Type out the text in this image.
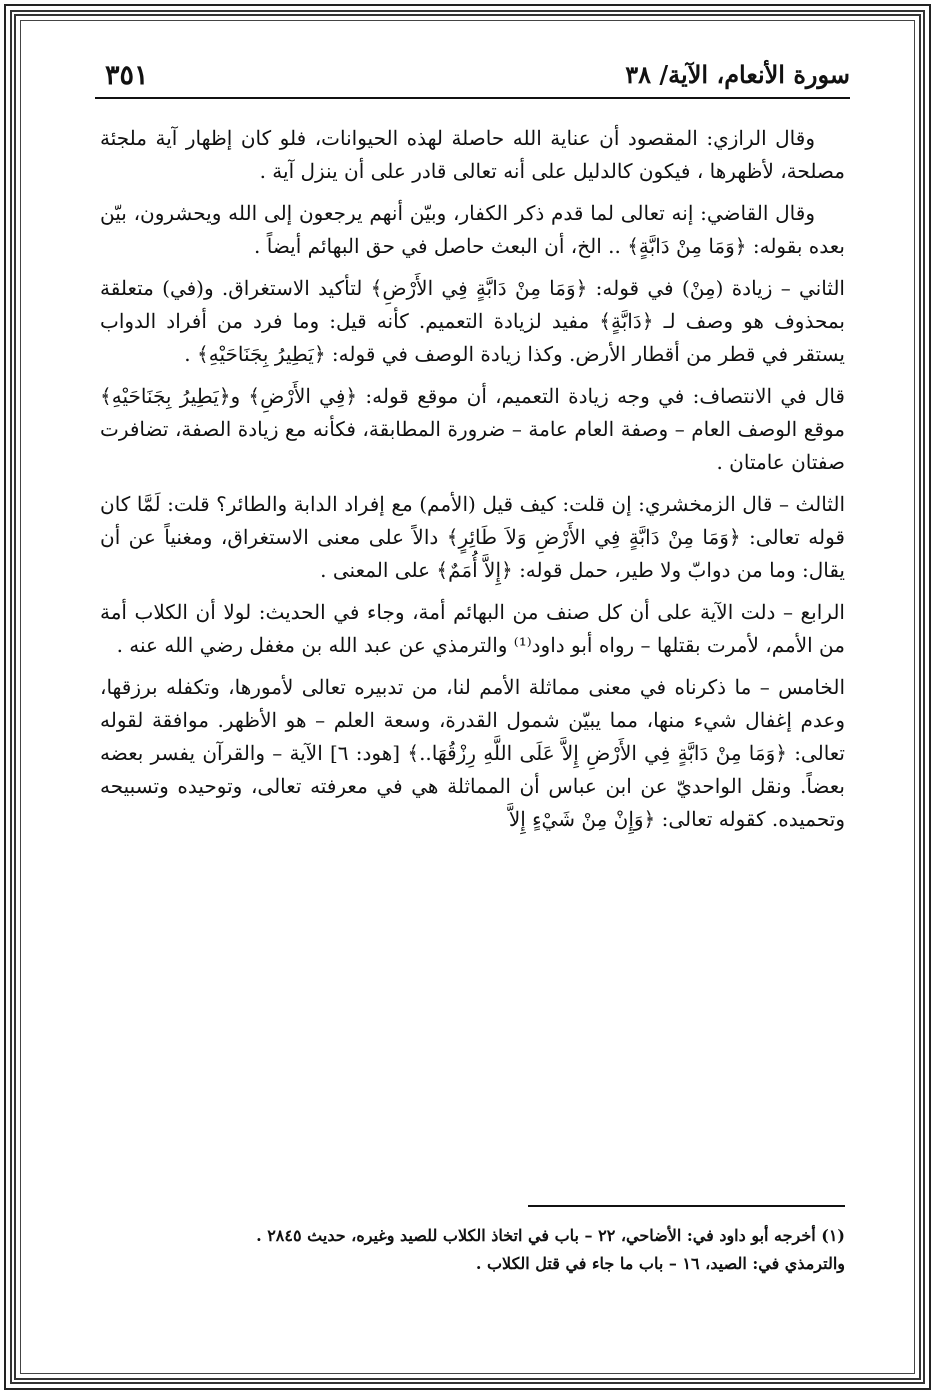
٣٥١	سورة الأنعام، الآية/ ٣٨

وقال الرازي: المقصود أن عناية الله حاصلة لهذه الحيوانات، فلو كان إظهار آية ملجئة مصلحة، لأظهرها ، فيكون كالدليل على أنه تعالى قادر على أن ينزل آية .

وقال القاضي: إنه تعالى لما قدم ذكر الكفار، وبيّن أنهم يرجعون إلى الله ويحشرون، بيّن بعده بقوله: ﴿وَمَا مِنْ دَابَّةٍ﴾ .. الخ، أن البعث حاصل في حق البهائم أيضاً .

الثاني – زيادة (مِنْ) في قوله: ﴿وَمَا مِنْ دَابَّةٍ فِي الأَرْضِ﴾ لتأكيد الاستغراق. و(في) متعلقة بمحذوف هو وصف لـ ﴿دَابَّةٍ﴾ مفيد لزيادة التعميم. كأنه قيل: وما فرد من أفراد الدواب يستقر في قطر من أقطار الأرض. وكذا زيادة الوصف في قوله: ﴿يَطِيرُ بِجَنَاحَيْهِ﴾ .

قال في الانتصاف: في وجه زيادة التعميم، أن موقع قوله: ﴿فِي الأَرْضِ﴾ و﴿يَطِيرُ بِجَنَاحَيْهِ﴾ موقع الوصف العام – وصفة العام عامة – ضرورة المطابقة، فكأنه مع زيادة الصفة، تضافرت صفتان عامتان .

الثالث – قال الزمخشري: إن قلت: كيف قيل (الأمم) مع إفراد الدابة والطائر؟ قلت: لَمَّا كان قوله تعالى: ﴿وَمَا مِنْ دَابَّةٍ فِي الأَرْضِ وَلاَ طَائِرٍ﴾ دالاً على معنى الاستغراق، ومغنياً عن أن يقال: وما من دوابّ ولا طير، حمل قوله: ﴿إِلاَّ أُمَمٌ﴾ على المعنى .

الرابع – دلت الآية على أن كل صنف من البهائم أمة، وجاء في الحديث: لولا أن الكلاب أمة من الأمم، لأمرت بقتلها – رواه أبو داود⁽¹⁾ والترمذي عن عبد الله بن مغفل رضي الله عنه .

الخامس – ما ذكرناه في معنى مماثلة الأمم لنا، من تدبيره تعالى لأمورها، وتكفله برزقها، وعدم إغفال شيء منها، مما يبيّن شمول القدرة، وسعة العلم – هو الأظهر. موافقة لقوله تعالى: ﴿وَمَا مِنْ دَابَّةٍ فِي الأَرْضِ إِلاَّ عَلَى اللَّهِ رِزْقُهَا..﴾ [هود: ٦] الآية – والقرآن يفسر بعضه بعضاً. ونقل الواحديّ عن ابن عباس أن المماثلة هي في معرفته تعالى، وتوحيده وتسبيحه وتحميده. كقوله تعالى: ﴿وَإِنْ مِنْ شَيْءٍ إِلاَّ

(١) أخرجه أبو داود في: الأضاحي، ٢٢ – باب في اتخاذ الكلاب للصيد وغيره، حديث ٢٨٤٥ .

والترمذي في: الصيد، ١٦ – باب ما جاء في قتل الكلاب .
